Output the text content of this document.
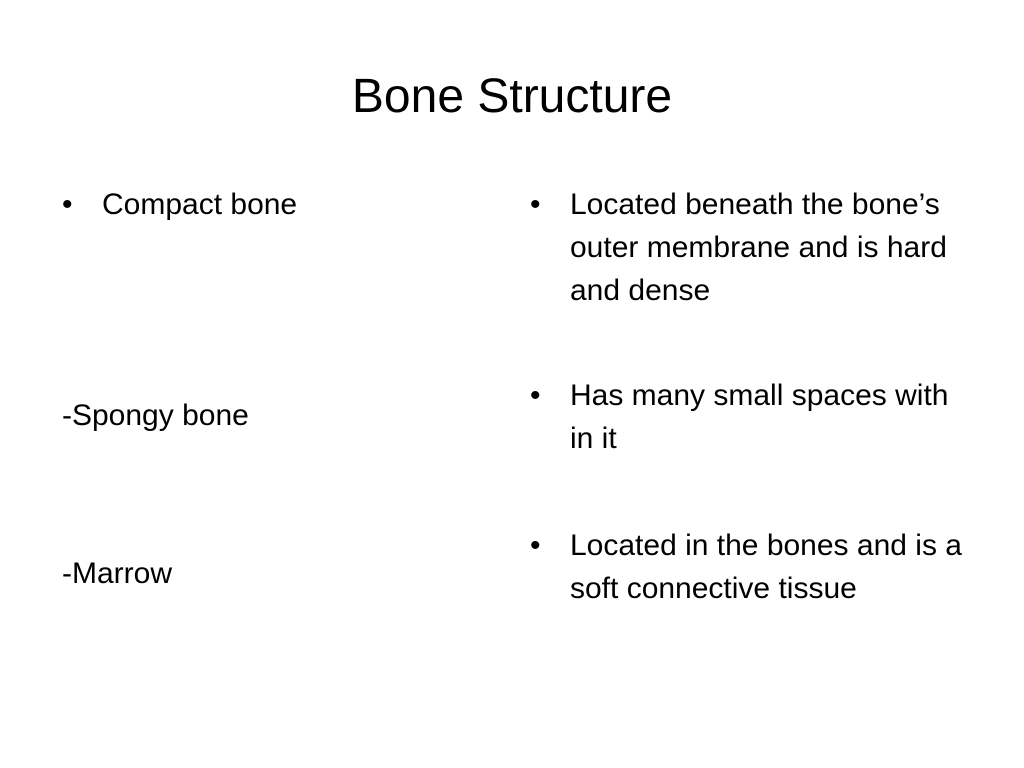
Bone Structure
• Compact bone
-Spongy bone
-Marrow
• Located beneath the bone’s outer membrane and is hard and dense
• Has many small spaces with in it
• Located in the bones and is a soft connective tissue
